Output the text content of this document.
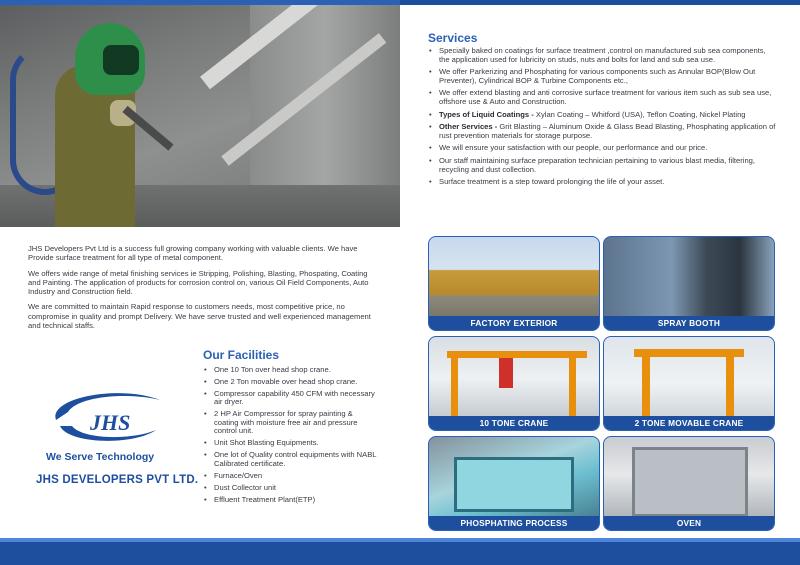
JHS Developers Pvt Ltd is a success full growing company working with valuable clients. We have Provide surface treatment for all type of metal component.

We offers wide range of metal finishing services ie Stripping, Polishing, Blasting, Phospating, Coating and Painting. The application of products for corrosion control on, various Oil Field Components, Auto Industry and Construction field.

We are committed to maintain Rapid response to customers needs, most competitive price, no compromise in quality and prompt Delivery. We have serve trusted and well experienced management and technical staffs.

JHS
We Serve Technology
JHS DEVELOPERS PVT LTD.
Our Facilities
• One 10 Ton over head shop crane.
• One 2 Ton movable over head shop crane.
• Compressor capability 450 CFM with necessary air dryer.
• 2 HP Air Compressor for spray painting & coating with moisture free air and pressure control unit.
• Unit Shot Blasting Equipments.
• One lot of Quality control equipments with NABL Calibrated certificate.
• Furnace/Oven
• Dust Collector unit
• Effluent Treatment Plant(ETP)
Services
• Specially baked on coatings for surface treatment ,control on manufactured sub sea components, the application used for lubricity on studs, nuts and bolts for land and sub sea use.
• We offer Parkerizing and Phosphating for various components such as Annular BOP(Blow Out Preventer), Cylindrical BOP & Turbine Components etc.,
• We offer extend blasting and anti corrosive surface treatment for various item such as sub sea use, offshore use & Auto and Construction.
• Types of Liquid Coatings - Xylan Coating – Whitford (USA), Teflon Coating, Nickel Plating
• Other Services - Grit Blasting – Aluminum Oxide & Glass Bead Blasting, Phosphating application of rust prevention materials for storage purpose.
• We will ensure your satisfaction with our people, our performance and our price.
• Our staff maintaining surface preparation technician pertaining to various blast media, filtering, recycling and dust collection.
• Surface treatment is a step toward prolonging the life of your asset.
FACTORY EXTERIOR	SPRAY BOOTH
10 TONE CRANE	2 TONE MOVABLE CRANE
PHOSPHATING PROCESS	OVEN
